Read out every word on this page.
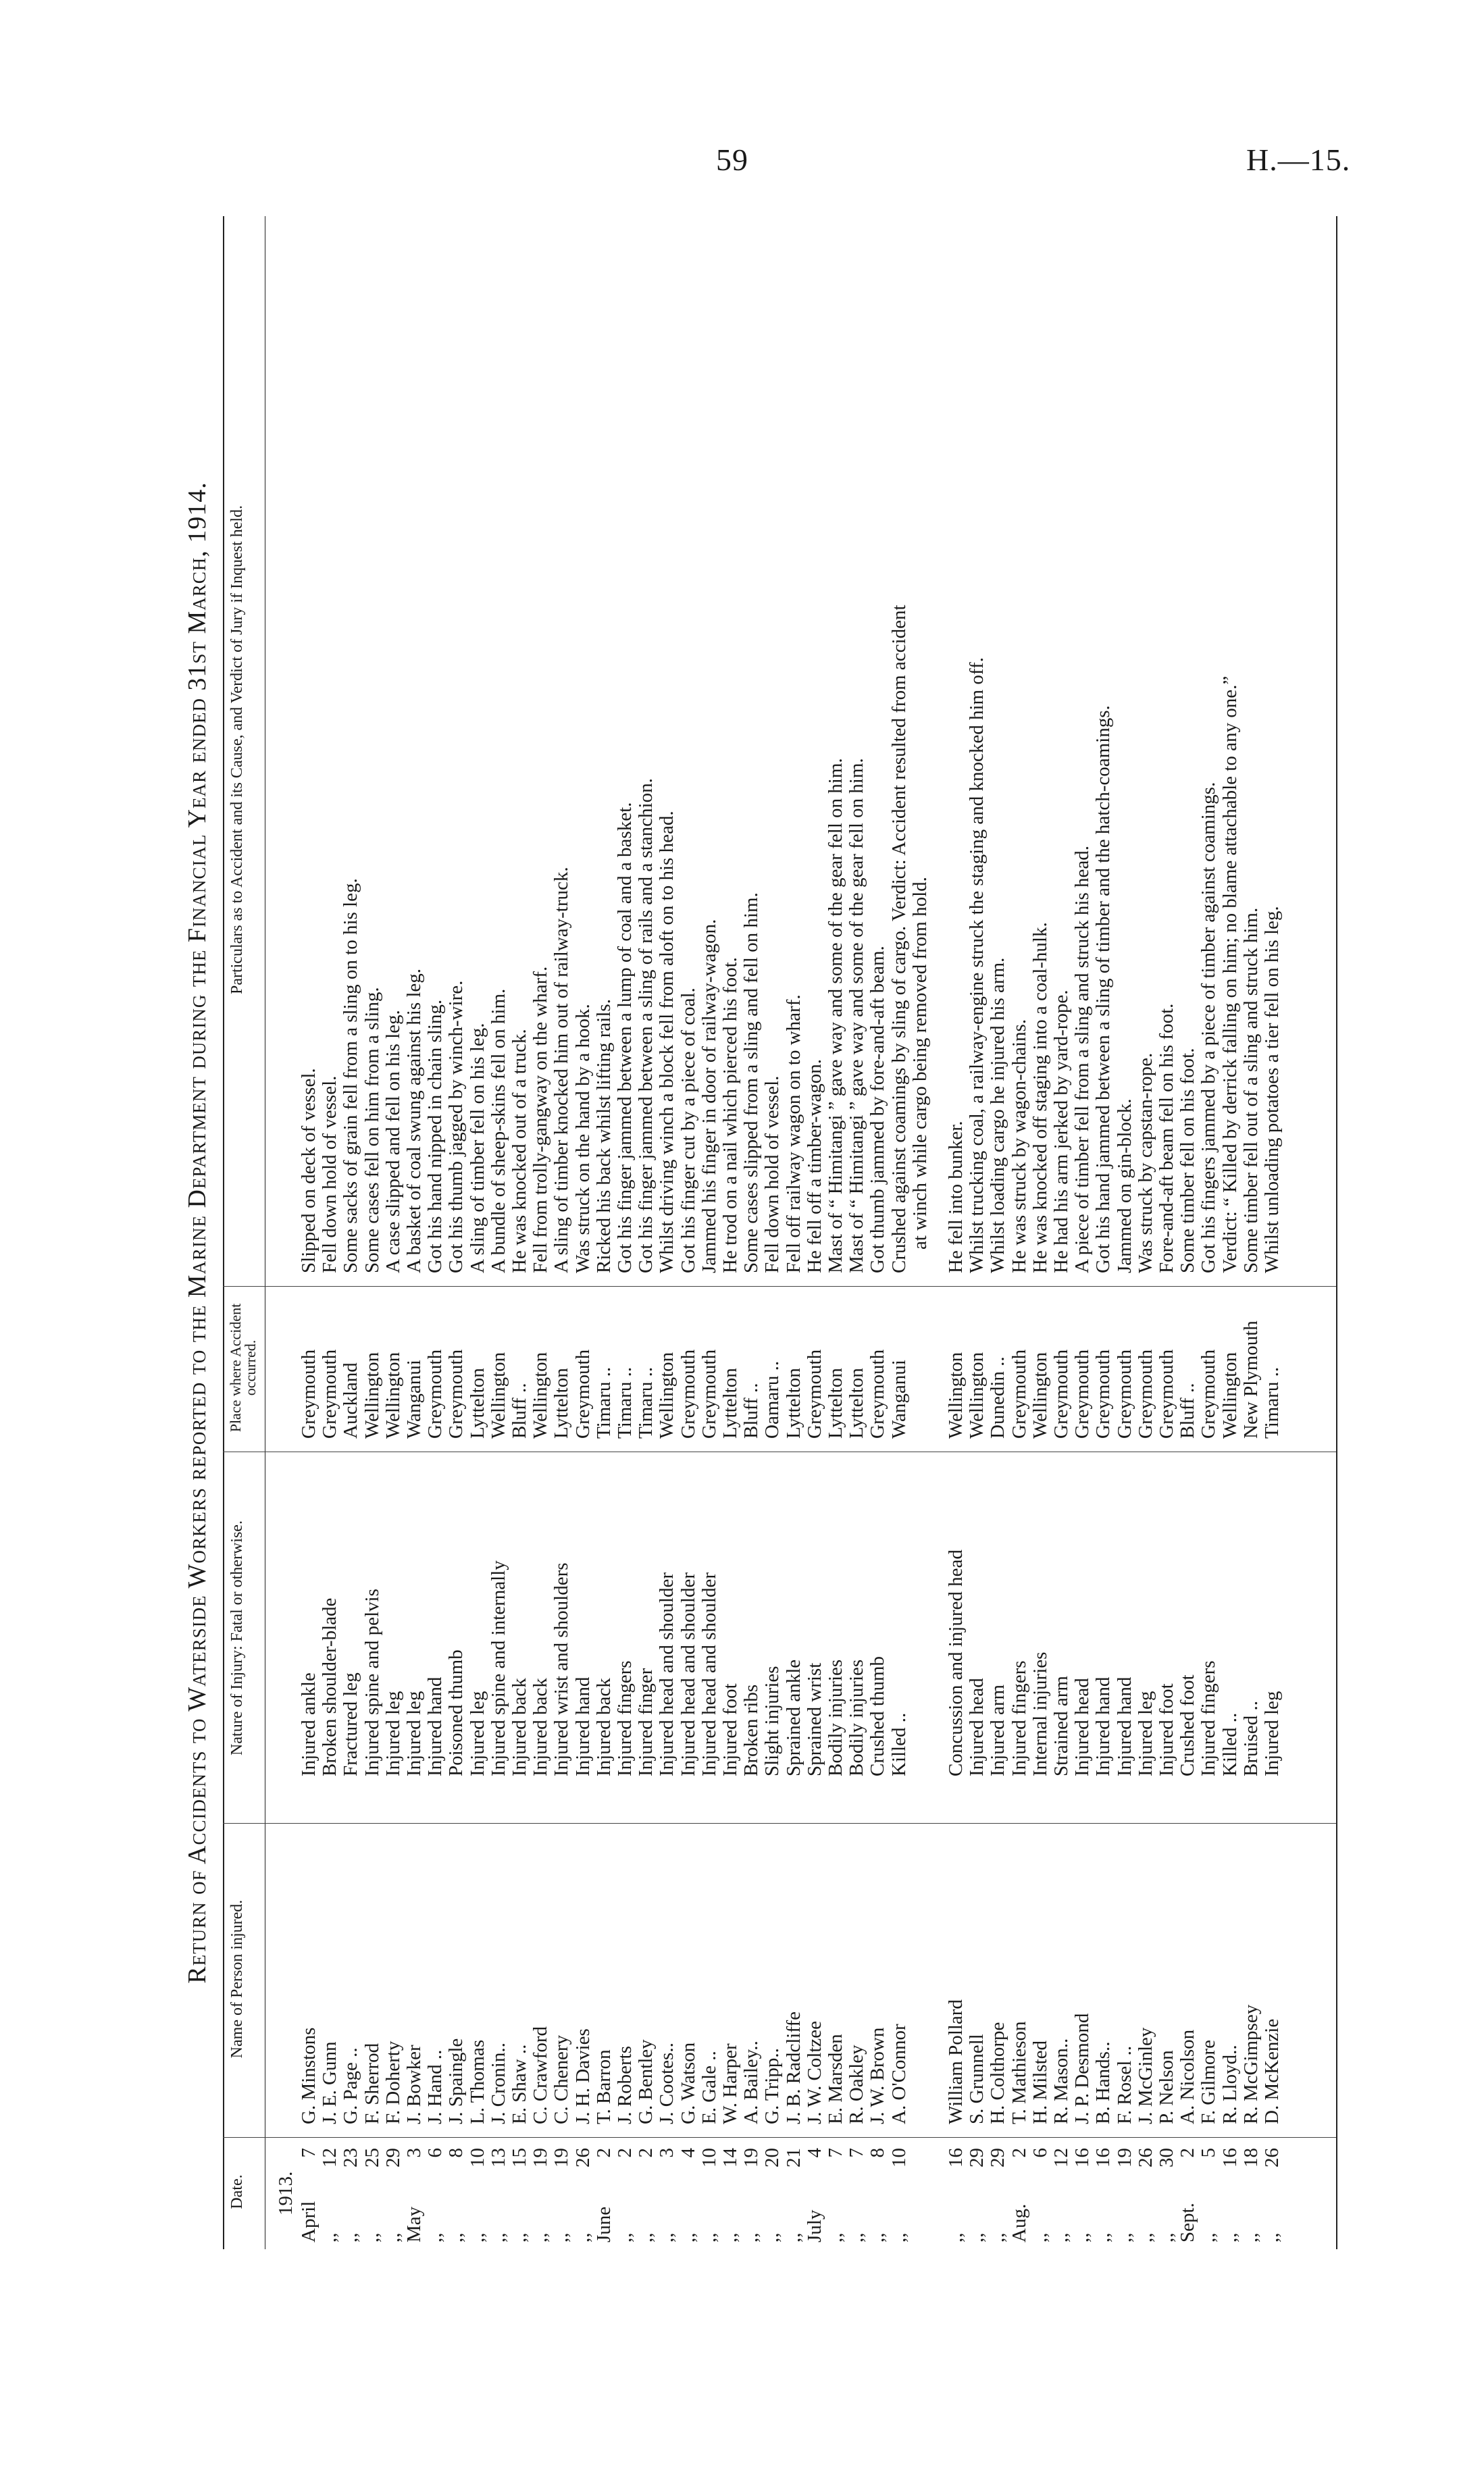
59	H.—15.
Return of Accidents to Waterside Workers reported to the Marine Department during the Financial Year ended 31st March, 1914.
Date.
Name of Person injured.
Nature of Injury: Fatal or otherwise.
Place where Accident occurred.
Particulars as to Accident and its Cause, and Verdict of Jury if Inquest held.
1913.
April
7
G. Minstons
Injured ankle
Greymouth
Slipped on deck of vessel.
,,
12
J. E. Gunn
Broken shoulder-blade
Greymouth
Fell down hold of vessel.
,,
23
G. Page ..
Fractured leg
Auckland
Some sacks of grain fell from a sling on to his leg.
,,
25
F. Sherrod
Injured spine and pelvis
Wellington
Some cases fell on him from a sling.
,,
29
F. Doherty
Injured leg
Wellington
A case slipped and fell on his leg.
May
3
J. Bowker
Injured leg
Wanganui
A basket of coal swung against his leg.
,,
6
J. Hand ..
Injured hand
Greymouth
Got his hand nipped in chain sling.
,,
8
J. Spaingle
Poisoned thumb
Greymouth
Got his thumb jagged by winch-wire.
,,
10
L. Thomas
Injured leg
Lyttelton
A sling of timber fell on his leg.
,,
13
J. Cronin..
Injured spine and internally
Wellington
A bundle of sheep-skins fell on him.
,,
15
E. Shaw ..
Injured back
Bluff ..
He was knocked out of a truck.
,,
19
C. Crawford
Injured back
Wellington
Fell from trolly-gangway on the wharf.
,,
19
C. Chenery
Injured wrist and shoulders
Lyttelton
A sling of timber knocked him out of railway-truck.
,,
26
J. H. Davies
Injured hand
Greymouth
Was struck on the hand by a hook.
June
2
T. Barron
Injured back
Timaru ..
Ricked his back whilst lifting rails.
,,
2
J. Roberts
Injured fingers
Timaru ..
Got his finger jammed between a lump of coal and a basket.
,,
2
G. Bentley
Injured finger
Timaru ..
Got his finger jammed between a sling of rails and a stanchion.
,,
3
J. Cootes..
Injured head and shoulder
Wellington
Whilst driving winch a block fell from aloft on to his head.
,,
4
G. Watson
Injured head and shoulder
Greymouth
Got his finger cut by a piece of coal.
,,
10
E. Gale ..
Injured head and shoulder
Greymouth
Jammed his finger in door of railway-wagon.
,,
14
W. Harper
Injured foot
Lyttelton
He trod on a nail which pierced his foot.
,,
19
A. Bailey..
Broken ribs
Bluff ..
Some cases slipped from a sling and fell on him.
,,
20
G. Tripp..
Slight injuries
Oamaru ..
Fell down hold of vessel.
,,
21
J. B. Radcliffe
Sprained ankle
Lyttelton
Fell off railway wagon on to wharf.
July
4
J. W. Coltzee
Sprained wrist
Greymouth
He fell off a timber-wagon.
,,
7
E. Marsden
Bodily injuries
Lyttelton
Mast of “ Himitangi ” gave way and some of the gear fell on him.
,,
7
R. Oakley
Bodily injuries
Lyttelton
Mast of “ Himitangi ” gave way and some of the gear fell on him.
,,
8
J. W. Brown
Crushed thumb
Greymouth
Got thumb jammed by fore-and-aft beam.
,,
10
A. O'Connor
Killed ..
Wanganui
Crushed against coamings by sling of cargo. Verdict: Accident resulted from accident at winch while cargo being removed from hold.
,,
16
William Pollard
Concussion and injured head
Wellington
He fell into bunker.
,,
29
S. Grunnell
Injured head
Wellington
Whilst trucking coal, a railway-engine struck the staging and knocked him off.
,,
29
H. Colthorpe
Injured arm
Dunedin ..
Whilst loading cargo he injured his arm.
Aug.
2
T. Mathieson
Injured fingers
Greymouth
He was struck by wagon-chains.
,,
6
H. Milsted
Internal injuries
Wellington
He was knocked off staging into a coal-hulk.
,,
12
R. Mason..
Strained arm
Greymouth
He had his arm jerked by yard-rope.
,,
16
J. P. Desmond
Injured head
Greymouth
A piece of timber fell from a sling and struck his head.
,,
16
B. Hands..
Injured hand
Greymouth
Got his hand jammed between a sling of timber and the hatch-coamings.
,,
19
F. Rosel ..
Injured hand
Greymouth
Jammed on gin-block.
,,
26
J. McGinley
Injured leg
Greymouth
Was struck by capstan-rope.
,,
30
P. Nelson
Injured foot
Greymouth
Fore-and-aft beam fell on his foot.
Sept.
2
A. Nicolson
Crushed foot
Bluff ..
Some timber fell on his foot.
,,
5
F. Gilmore
Injured fingers
Greymouth
Got his fingers jammed by a piece of timber against coamings.
,,
16
R. Lloyd..
Killed ..
Wellington
Verdict: “ Killed by derrick falling on him; no blame attachable to any one.”
,,
18
R. McGimpsey
Bruised ..
New Plymouth
Some timber fell out of a sling and struck him.
,,
26
D. McKenzie
Injured leg
Timaru ..
Whilst unloading potatoes a tier fell on his leg.
